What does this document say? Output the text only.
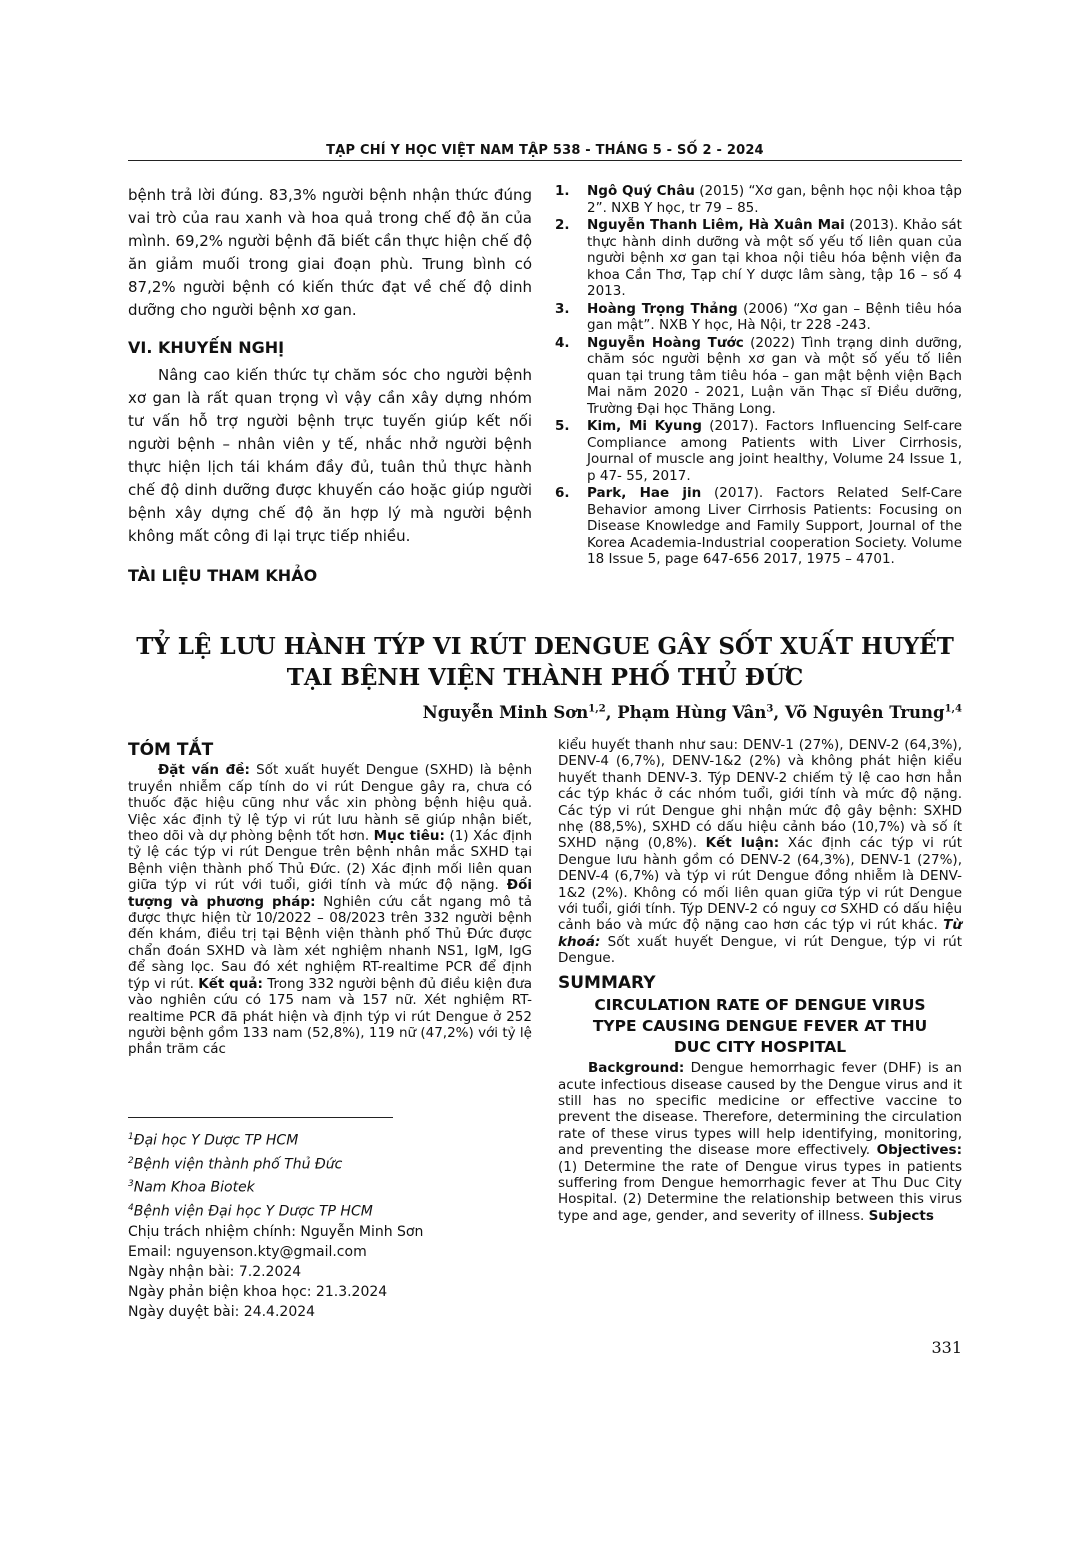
TẠP CHÍ Y HỌC VIỆT NAM TẬP 538 - THÁNG 5 - SỐ 2 - 2024

bệnh trả lời đúng. 83,3% người bệnh nhận thức đúng vai trò của rau xanh và hoa quả trong chế độ ăn của mình. 69,2% người bệnh đã biết cần thực hiện chế độ ăn giảm muối trong giai đoạn phù. Trung bình có 87,2% người bệnh có kiến thức đạt về chế độ dinh dưỡng cho người bệnh xơ gan.

VI. KHUYẾN NGHỊ

Nâng cao kiến thức tự chăm sóc cho người bệnh xơ gan là rất quan trọng vì vậy cần xây dựng nhóm tư vấn hỗ trợ người bệnh trực tuyến giúp kết nối người bệnh – nhân viên y tế, nhắc nhở người bệnh thực hiện lịch tái khám đầy đủ, tuân thủ thực hành chế độ dinh dưỡng được khuyến cáo hoặc giúp người bệnh xây dựng chế độ ăn hợp lý mà người bệnh không mất công đi lại trực tiếp nhiều.

TÀI LIỆU THAM KHẢO
1.	Ngô Quý Châu (2015) “Xơ gan, bệnh học nội khoa tập 2”. NXB Y học, tr 79 – 85.
2.	Nguyễn Thanh Liêm, Hà Xuân Mai (2013). Khảo sát thực hành dinh dưỡng và một số yếu tố liên quan của người bệnh xơ gan tại khoa nội tiêu hóa bệnh viện đa khoa Cần Thơ, Tạp chí Y dược lâm sàng, tập 16 – số 4 2013.
3.	Hoàng Trọng Thảng (2006) “Xơ gan – Bệnh tiêu hóa gan mật”. NXB Y học, Hà Nội, tr 228 -243.
4.	Nguyễn Hoàng Tước (2022) Tình trạng dinh dưỡng, chăm sóc người bệnh xơ gan và một số yếu tố liên quan tại trung tâm tiêu hóa – gan mật bệnh viện Bạch Mai năm 2020 - 2021, Luận văn Thạc sĩ Điều dưỡng, Trường Đại học Thăng Long.
5.	Kim, Mi Kyung (2017). Factors Influencing Self-care Compliance among Patients with Liver Cirrhosis, Journal of muscle ang joint healthy, Volume 24 Issue 1, p 47- 55, 2017.
6.	Park, Hae jin (2017). Factors Related Self-Care Behavior among Liver Cirrhosis Patients: Focusing on Disease Knowledge and Family Support, Journal of the Korea Academia-Industrial cooperation Society. Volume 18 Issue 5, page 647-656 2017, 1975 – 4701.
TỶ LỆ LƯU HÀNH TÝP VI RÚT DENGUE GÂY SỐT XUẤT HUYẾT
TẠI BỆNH VIỆN THÀNH PHỐ THỦ ĐỨC
Nguyễn Minh Sơn$^{1,2}$, Phạm Hùng Vân$^3$, Võ Nguyên Trung$^{1,4}$
TÓM TẮT

Đặt vấn đề: Sốt xuất huyết Dengue (SXHD) là bệnh truyền nhiễm cấp tính do vi rút Dengue gây ra, chưa có thuốc đặc hiệu cũng như vắc xin phòng bệnh hiệu quả. Việc xác định tỷ lệ týp vi rút lưu hành sẽ giúp nhận biết, theo dõi và dự phòng bệnh tốt hơn. Mục tiêu: (1) Xác định tỷ lệ các týp vi rút Dengue trên bệnh nhân mắc SXHD tại Bệnh viện thành phố Thủ Đức. (2) Xác định mối liên quan giữa týp vi rút với tuổi, giới tính và mức độ nặng. Đối tượng và phương pháp: Nghiên cứu cắt ngang mô tả được thực hiện từ 10/2022 – 08/2023 trên 332 người bệnh đến khám, điều trị tại Bệnh viện thành phố Thủ Đức được chẩn đoán SXHD và làm xét nghiệm nhanh NS1, IgM, IgG để sàng lọc. Sau đó xét nghiệm RT-realtime PCR để định týp vi rút. Kết quả: Trong 332 người bệnh đủ điều kiện đưa vào nghiên cứu có 175 nam và 157 nữ. Xét nghiệm RT-realtime PCR đã phát hiện và định týp vi rút Dengue ở 252 người bệnh gồm 133 nam (52,8%), 119 nữ (47,2%) với tỷ lệ phần trăm các

kiểu huyết thanh như sau: DENV-1 (27%), DENV-2 (64,3%), DENV-4 (6,7%), DENV-1&2 (2%) và không phát hiện kiểu huyết thanh DENV-3. Týp DENV-2 chiếm tỷ lệ cao hơn hẳn các týp khác ở các nhóm tuổi, giới tính và mức độ nặng. Các týp vi rút Dengue ghi nhận mức độ gây bệnh: SXHD nhẹ (88,5%), SXHD có dấu hiệu cảnh báo (10,7%) và số ít SXHD nặng (0,8%). Kết luận: Xác định các týp vi rút Dengue lưu hành gồm có DENV-2 (64,3%), DENV-1 (27%), DENV-4 (6,7%) và týp vi rút Dengue đồng nhiễm là DENV-1&2 (2%). Không có mối liên quan giữa týp vi rút Dengue với tuổi, giới tính. Týp DENV-2 có nguy cơ SXHD có dấu hiệu cảnh báo và mức độ nặng cao hơn các týp vi rút khác. Từ khoá: Sốt xuất huyết Dengue, vi rút Dengue, týp vi rút Dengue.

SUMMARY
CIRCULATION RATE OF DENGUE VIRUS
TYPE CAUSING DENGUE FEVER AT THU
DUC CITY HOSPITAL

Background: Dengue hemorrhagic fever (DHF) is an acute infectious disease caused by the Dengue virus and it still has no specific medicine or effective vaccine to prevent the disease. Therefore, determining the circulation rate of these virus types will help identifying, monitoring, and preventing the disease more effectively. Objectives: (1) Determine the rate of Dengue virus types in patients suffering from Dengue hemorrhagic fever at Thu Duc City Hospital. (2) Determine the relationship between this virus type and age, gender, and severity of illness. Subjects

$^1$Đại học Y Dược TP HCM
$^2$Bệnh viện thành phố Thủ Đức
$^3$Nam Khoa Biotek
$^4$Bệnh viện Đại học Y Dược TP HCM
Chịu trách nhiệm chính: Nguyễn Minh Sơn
Email: nguyenson.kty@gmail.com
Ngày nhận bài: 7.2.2024
Ngày phản biện khoa học: 21.3.2024
Ngày duyệt bài: 24.4.2024
331
